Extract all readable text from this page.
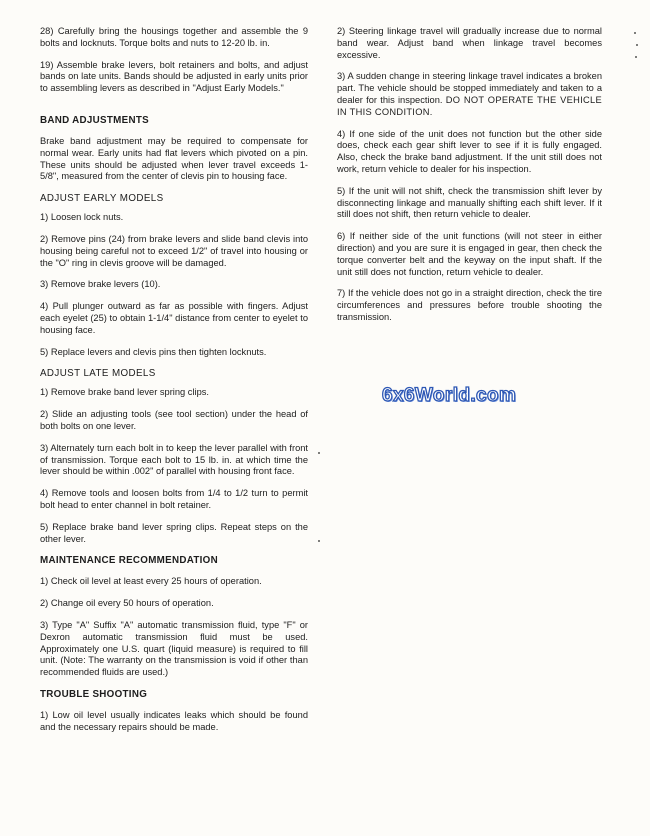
28) Carefully bring the housings together and assemble the 9 bolts and locknuts. Torque bolts and nuts to 12-20 lb. in.

19) Assemble brake levers, bolt retainers and bolts, and adjust bands on late units. Bands should be adjusted in early units prior to assembling levers as described in "Adjust Early Models."

BAND ADJUSTMENTS

Brake band adjustment may be required to compensate for normal wear. Early units had flat levers which pivoted on a pin. These units should be adjusted when lever travel exceeds 1-5/8", measured from the center of clevis pin to housing face.

ADJUST EARLY MODELS

1) Loosen lock nuts.

2) Remove pins (24) from brake levers and slide band clevis into housing being careful not to exceed 1/2" of travel into housing or the "O" ring in clevis groove will be damaged.

3) Remove brake levers (10).

4) Pull plunger outward as far as possible with fingers. Adjust each eyelet (25) to obtain 1-1/4" distance from center to eyelet to housing face.

5) Replace levers and clevis pins then tighten locknuts.

ADJUST LATE MODELS

1) Remove brake band lever spring clips.

2) Slide an adjusting tools (see tool section) under the head of both bolts on one lever.

3) Alternately turn each bolt in to keep the lever parallel with front of transmission. Torque each bolt to 15 lb. in. at which time the lever should be within .002" of parallel with housing front face.

4) Remove tools and loosen bolts from 1/4 to 1/2 turn to permit bolt head to enter channel in bolt retainer.

5) Replace brake band lever spring clips. Repeat steps on the other lever.

MAINTENANCE RECOMMENDATION

1) Check oil level at least every 25 hours of operation.

2) Change oil every 50 hours of operation.

3) Type "A" Suffix "A" automatic transmission fluid, type "F" or Dexron automatic transmission fluid must be used. Approximately one U.S. quart (liquid measure) is required to fill unit. (Note: The warranty on the transmission is void if other than recommended fluids are used.)

TROUBLE SHOOTING

1) Low oil level usually indicates leaks which should be found and the necessary repairs should be made.

2) Steering linkage travel will gradually increase due to normal band wear. Adjust band when linkage travel becomes excessive.

3) A sudden change in steering linkage travel indicates a broken part. The vehicle should be stopped immediately and taken to a dealer for this inspection. DO NOT OPERATE THE VEHICLE IN THIS CONDITION.

4) If one side of the unit does not function but the other side does, check each gear shift lever to see if it is fully engaged. Also, check the brake band adjustment. If the unit still does not work, return vehicle to dealer for his inspection.

5) If the unit will not shift, check the transmission shift lever by disconnecting linkage and manually shifting each shift lever. If it still does not shift, then return vehicle to dealer.

6) If neither side of the unit functions (will not steer in either direction) and you are sure it is engaged in gear, then check the torque converter belt and the keyway on the input shaft. If the unit still does not function, return vehicle to dealer.

7) If the vehicle does not go in a straight direction, check the tire circumferences and pressures before trouble shooting the transmission.

6x6World.com
